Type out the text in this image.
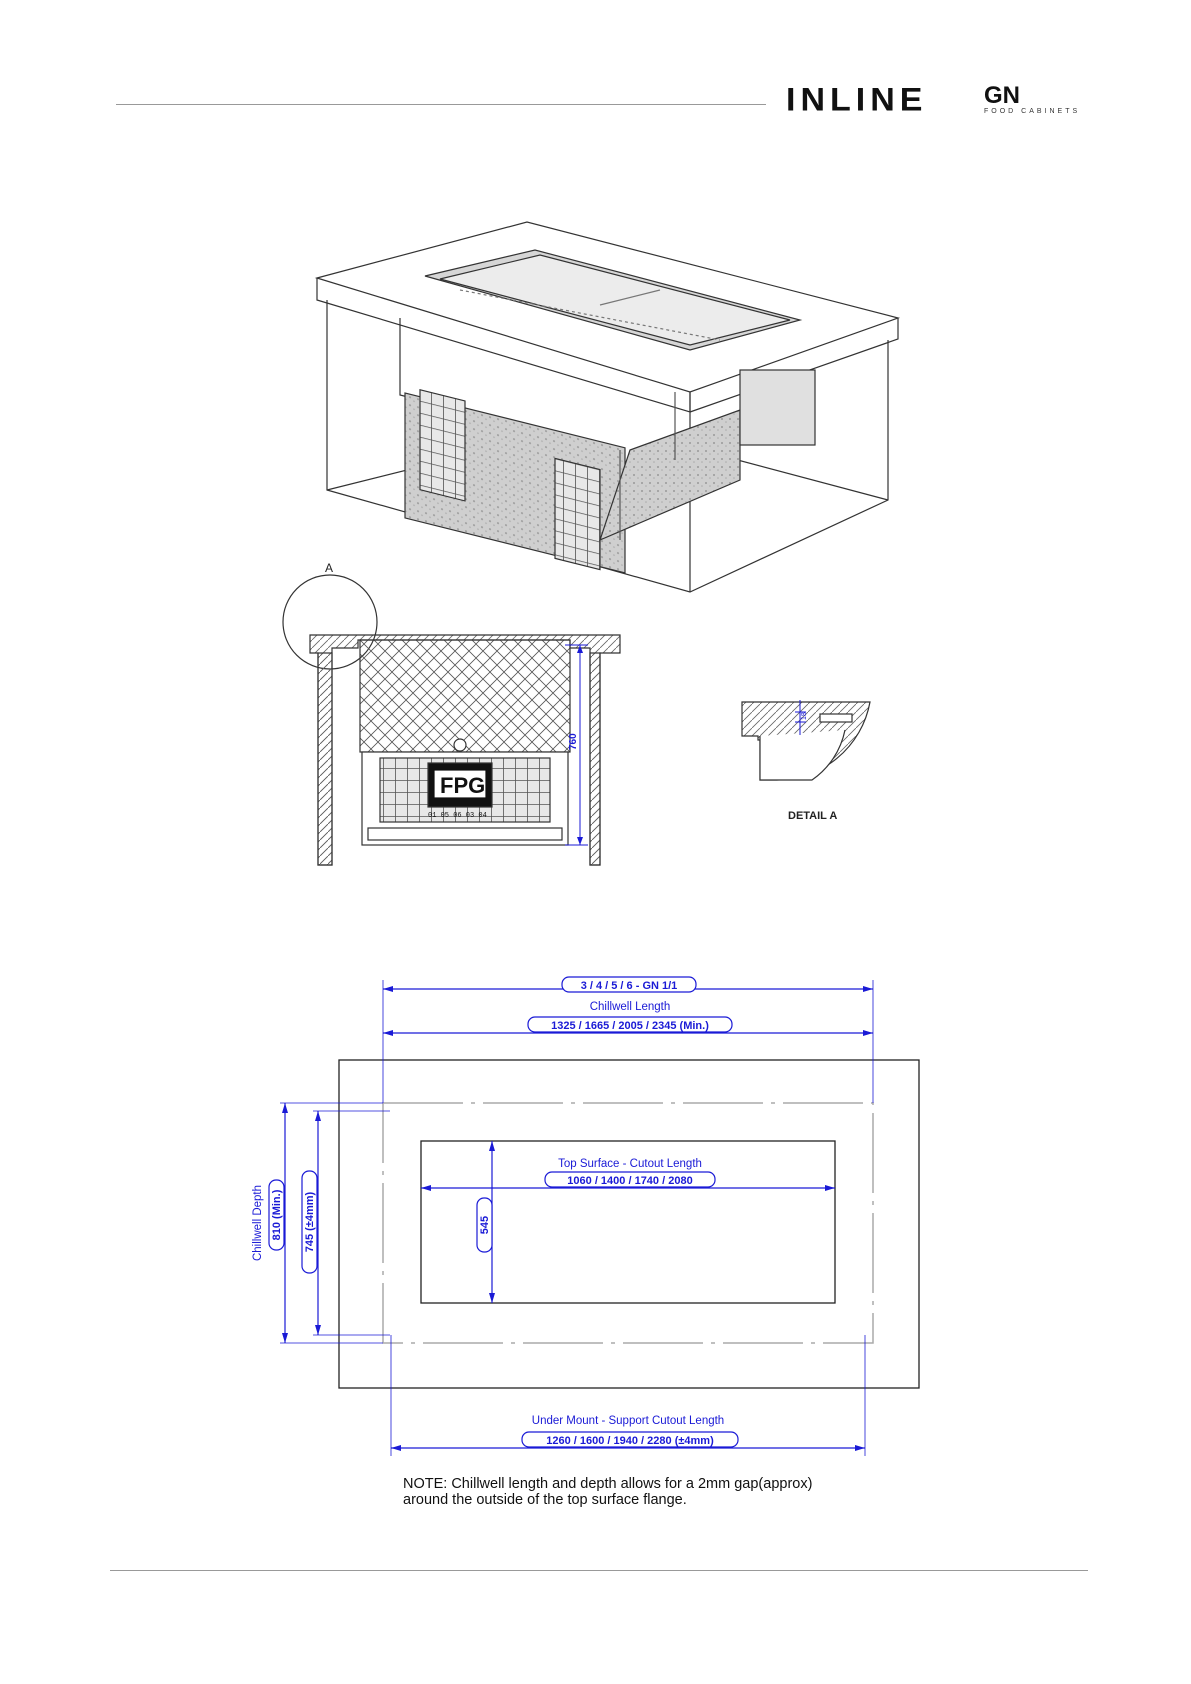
INLINE GN
FOOD CABINETS
A
760
FPG
01 05 06 03 04
18
DETAIL A
3 / 4 / 5 / 6 - GN 1/1
Chillwell Length
1325 / 1665 / 2005 / 2345 (Min.)
Top Surface - Cutout Length
1060 / 1400 / 1740 / 2080
545
Chillwell Depth 810 (Min.) 745 (±4mm)
Under Mount - Support Cutout Length
1260 / 1600 / 1940 / 2280 (±4mm)
NOTE: Chillwell length and depth allows for a 2mm gap(approx)
around the outside of the top surface flange.
